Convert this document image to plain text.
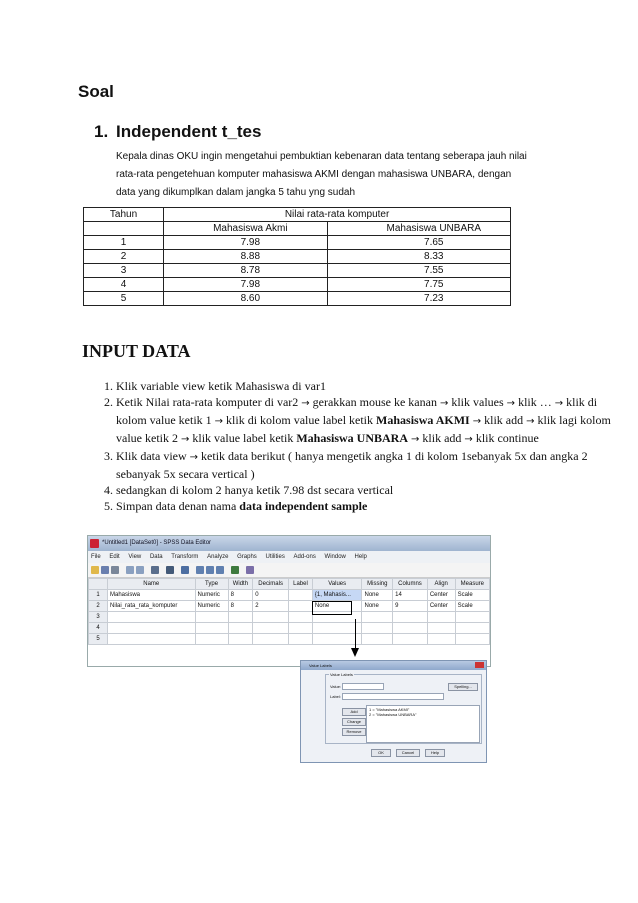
Soal
1. Independent t_tes
Kepala dinas OKU ingin mengetahui pembuktian kebenaran data tentang seberapa jauh nilai
rata-rata pengetehuan komputer mahasiswa AKMI dengan mahasiswa UNBARA, dengan
data yang dikumplkan dalam jangka 5 tahu yng sudah
Tahun	Nilai rata-rata komputer	
	Mahasiswa Akmi	Mahasiswa UNBARA
1	7.98	7.65
2	8.88	8.33
3	8.78	7.55
4	7.98	7.75
5	8.60	7.23
INPUT DATA
1. Klik variable view ketik Mahasiswa di var1
2. Ketik Nilai rata-rata komputer di var2 → gerakkan mouse ke kanan → klik values → klik … → klik di kolom value ketik 1 → klik di kolom value label ketik Mahasiswa AKMI → klik add → klik lagi kolom value ketik 2 → klik value label ketik Mahasiswa UNBARA → klik add → klik continue
3. Klik data view → ketik data berikut ( hanya mengetik angka 1 di kolom 1sebanyak 5x dan angka 2 sebanyak 5x secara vertical )
4. sedangkan di kolom 2 hanya ketik 7.98 dst secara vertical
5. Simpan data denan nama data independent sample
*Untitled1 [DataSet0] - SPSS Data Editor
File Edit View Data Transform Analyze Graphs Utilities Add-ons Window Help
	Name	Type	Width	Decimals	Label	Values	Missing	Columns	Align	Measure
1	Mahasiswa	Numeric	8	0		{1, Mahasis...	None	14	Center	Scale
2	Nilai_rata_rata_komputer	Numeric	8	2		None	None	9	Center	Scale
3										
4										
5										
Value Labels
Value Labels
Value:	Spelling...
Label:
Add
Change
Remove
1 = "Mahasiswa AKMI"
2 = "Mahasiswa UNBARA"
OK	Cancel	Help
